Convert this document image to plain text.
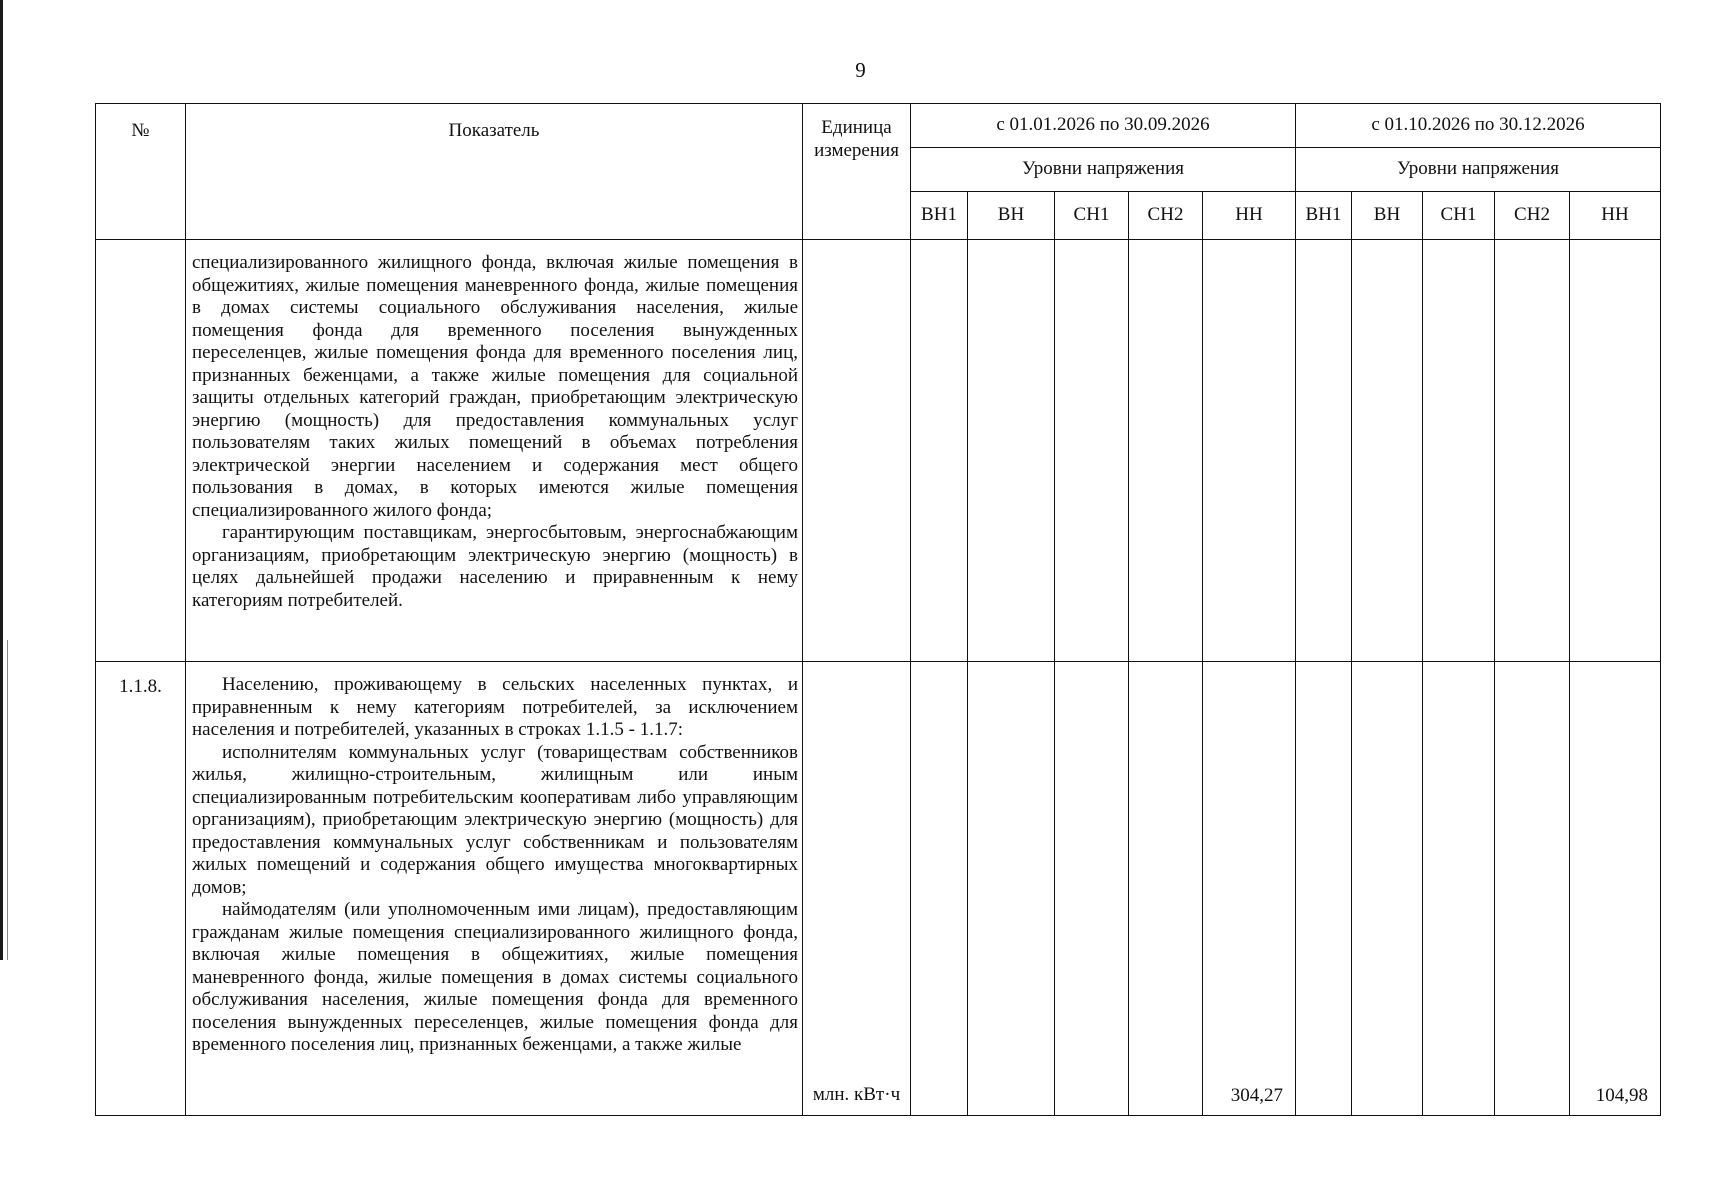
9
№	Показатель	Единица измерения	с 01.01.2026 по 30.09.2026					с 01.10.2026 по 30.12.2026				
			Уровни напряжения					Уровни напряжения				
			ВН1	ВН	СН1	СН2	НН	ВН1	ВН	СН1	СН2	НН

	специализированного жилищного фонда, включая жилые помещения в общежитиях, жилые помещения маневренного фонда, жилые помещения в домах системы социального обслуживания населения, жилые помещения фонда для временного поселения вынужденных переселенцев, жилые помещения фонда для временного поселения лиц, признанных беженцами, а также жилые помещения для социальной защиты отдельных категорий граждан, приобретающим электрическую энергию (мощность) для предоставления коммунальных услуг пользователям таких жилых помещений в объемах потребления электрической энергии населением и содержания мест общего пользования в домах, в которых имеются жилые помещения специализированного жилого фонда;

гарантирующим поставщикам, энергосбытовым, энергоснабжающим организациям, приобретающим электрическую энергию (мощность) в целях дальнейшей продажи населению и приравненным к нему категориям потребителей.											

1.1.8.	Населению, проживающему в сельских населенных пунктах, и приравненным к нему категориям потребителей, за исключением населения и потребителей, указанных в строках 1.1.5 - 1.1.7:

исполнителям коммунальных услуг (товариществам собственников жилья, жилищно-строительным, жилищным или иным специализированным потребительским кооперативам либо управляющим организациям), приобретающим электрическую энергию (мощность) для предоставления коммунальных услуг собственникам и пользователям жилых помещений и содержания общего имущества многоквартирных домов;

наймодателям (или уполномоченным ими лицам), предоставляющим гражданам жилые помещения специализированного жилищного фонда, включая жилые помещения в общежитиях, жилые помещения маневренного фонда, жилые помещения в домах системы социального обслуживания населения, жилые помещения фонда для временного поселения вынужденных переселенцев, жилые помещения фонда для временного поселения лиц, признанных беженцами, а также жилые	млн. кВт·ч					304,27					104,98
